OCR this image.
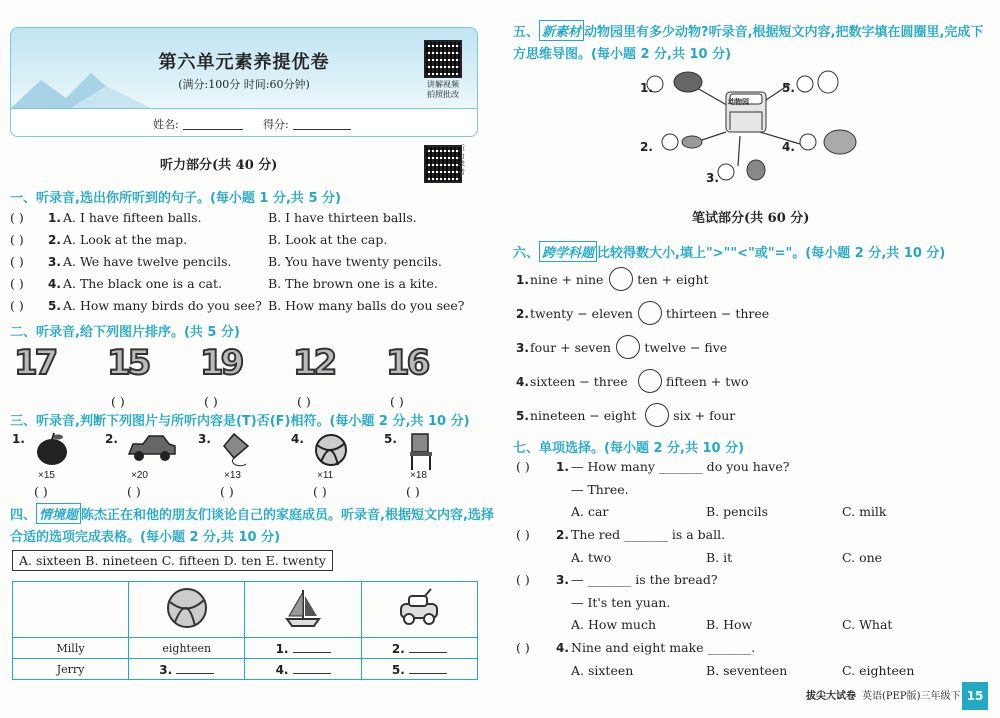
第六单元素养提优卷
(满分:100分 时间:60分钟)	讲解视频
拍照批改
姓名:	得分:
听力部分(共 40 分)
听力录音
一、听录音,选出你所听到的句子。(每小题 1 分,共 5 分)
( ) 1. A. I have fifteen balls.	B. I have thirteen balls.
( ) 2. A. Look at the map.	B. Look at the cap.
( ) 3. A. We have twelve pencils.	B. You have twenty pencils.
( ) 4. A. The black one is a cat.	B. The brown one is a kite.
( ) 5. A. How many birds do you see? B. How many balls do you see?
二、听录音,给下列图片排序。(共 5 分)
17 15
( )
19
( )
12
( )
16
( )
三、听录音,判断下列图片与所听内容是(T)否(F)相符。(每小题 2 分,共 10 分)
1.
×15
( )
2.
×20
( )
3.
×13
( )
4.
×11
( )
5.
×18
( )
四、 情境题 陈杰正在和他的朋友们谈论自己的家庭成员。听录音,根据短文内容,选择
合适的选项完成表格。(每小题 2 分,共 10 分)
A. sixteen B. nineteen C. fifteen D. ten E. twenty

Milly	eighteen	1.	2.
Jerry	3.	4.	5.
五、 新素材 动物园里有多少动物?听录音,根据短文内容,把数字填在圆圈里,完成下
方思维导图。(每小题 2 分,共 10 分)
1.
2.
3.
4.
5.
动物园
笔试部分(共 60 分)
六、 跨学科题 比较得数大小,填上">""<"或"="。(每小题 2 分,共 10 分)
1. nine + nine	ten + eight
2. twenty − eleven	thirteen − three
3. four + seven	twelve − five
4. sixteen − three	fifteen + two
5. nineteen − eight	six + four
七、单项选择。(每小题 2 分,共 10 分)
( ) 1. — How many _______ do you have?
— Three.
A. car	B. pencils	C. milk
( ) 2. The red _______ is a ball.
A. two	B. it	C. one
( ) 3. — _______ is the bread?
— It's ten yuan.
A. How much	B. How	C. What
( ) 4. Nine and eight make _______.
A. sixteen	B. seventeen	C. eighteen
拔尖大试卷 英语(PEP版)三年级下 15
